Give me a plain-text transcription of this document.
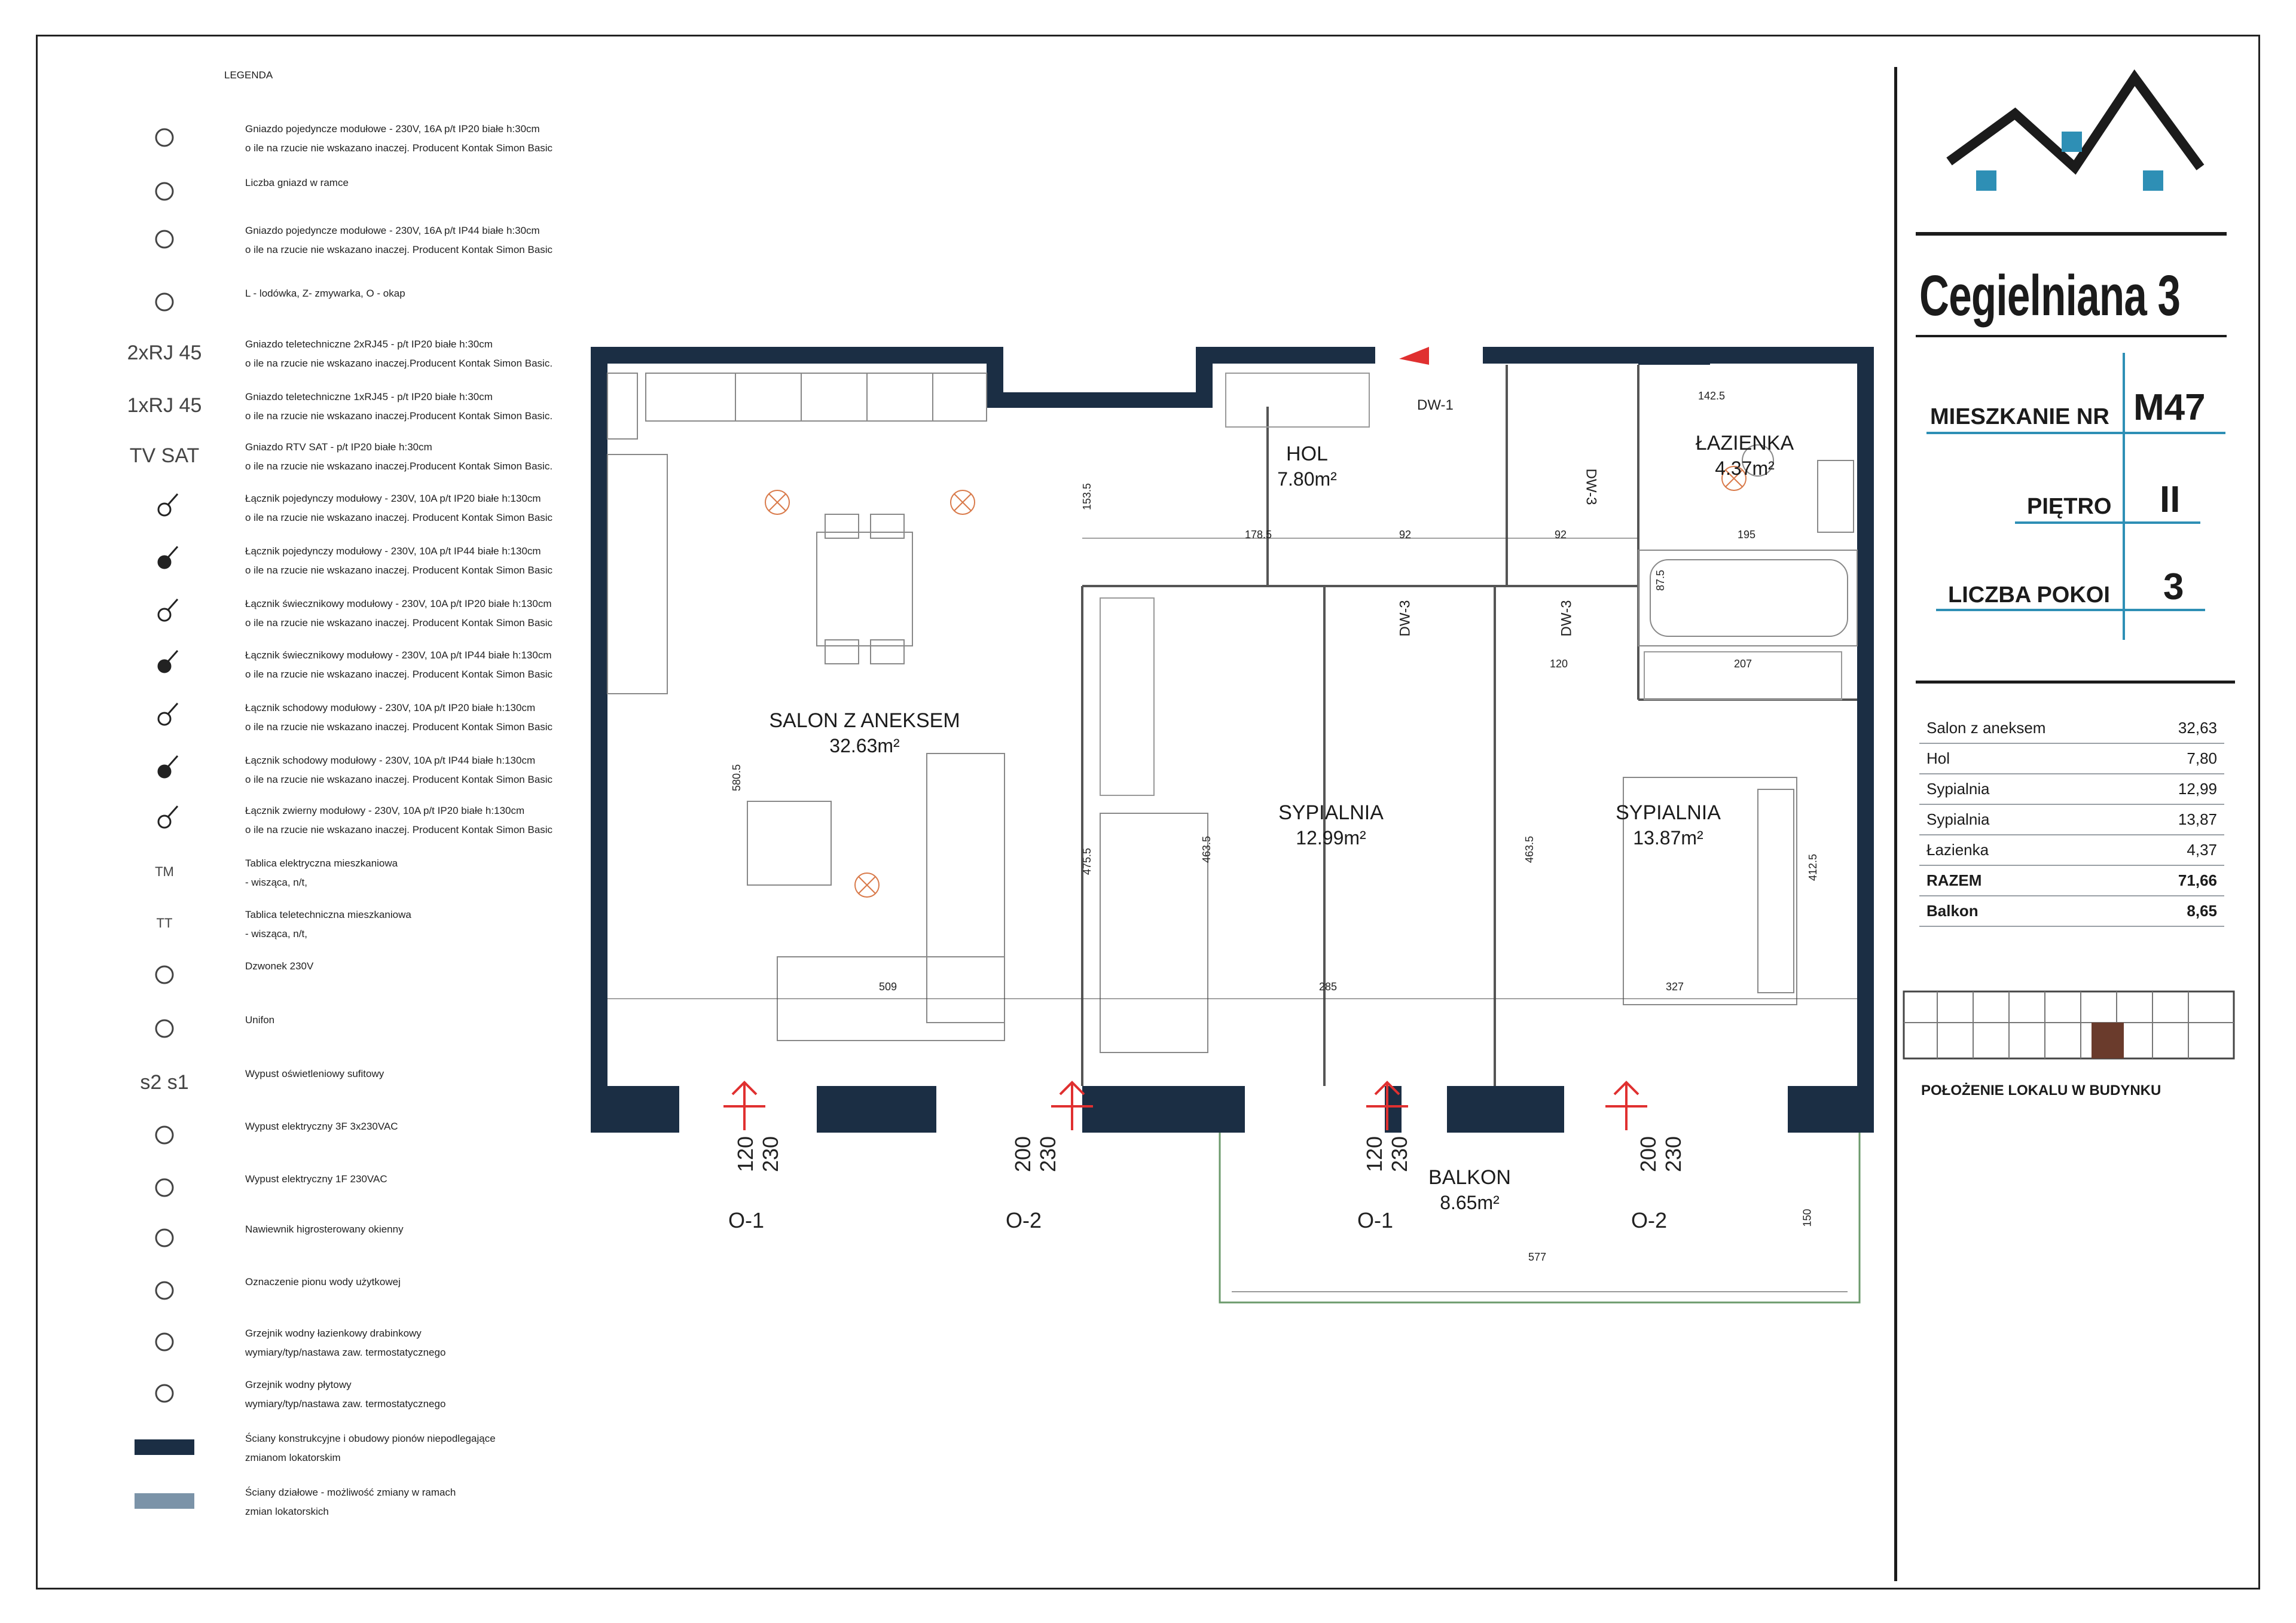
LEGENDA
Gniazdo pojedyncze modułowe - 230V, 16A p/t IP20 białe h:30cm
o ile na rzucie nie wskazano inaczej. Producent Kontak Simon Basic
Liczba gniazd w ramce
Gniazdo pojedyncze modułowe - 230V, 16A p/t IP44 białe h:30cm
o ile na rzucie nie wskazano inaczej. Producent Kontak Simon Basic
L - lodówka, Z- zmywarka, O - okap
2xRJ 45	Gniazdo teletechniczne 2xRJ45 - p/t IP20 białe h:30cm
o ile na rzucie nie wskazano inaczej.Producent Kontak Simon Basic.
1xRJ 45	Gniazdo teletechniczne 1xRJ45 - p/t IP20 białe h:30cm
o ile na rzucie nie wskazano inaczej.Producent Kontak Simon Basic.
TV SAT	Gniazdo RTV SAT - p/t IP20 białe h:30cm
o ile na rzucie nie wskazano inaczej.Producent Kontak Simon Basic.
Łącznik pojedynczy modułowy - 230V, 10A p/t IP20 białe h:130cm
o ile na rzucie nie wskazano inaczej. Producent Kontak Simon Basic
Łącznik pojedynczy modułowy - 230V, 10A p/t IP44 białe h:130cm
o ile na rzucie nie wskazano inaczej. Producent Kontak Simon Basic
Łącznik świecznikowy modułowy - 230V, 10A p/t IP20 białe h:130cm
o ile na rzucie nie wskazano inaczej. Producent Kontak Simon Basic
Łącznik świecznikowy modułowy - 230V, 10A p/t IP44 białe h:130cm
o ile na rzucie nie wskazano inaczej. Producent Kontak Simon Basic
Łącznik schodowy modułowy - 230V, 10A p/t IP20 białe h:130cm
o ile na rzucie nie wskazano inaczej. Producent Kontak Simon Basic
Łącznik schodowy modułowy - 230V, 10A p/t IP44 białe h:130cm
o ile na rzucie nie wskazano inaczej. Producent Kontak Simon Basic
Łącznik zwierny modułowy - 230V, 10A p/t IP20 białe h:130cm
o ile na rzucie nie wskazano inaczej. Producent Kontak Simon Basic
TM
Tablica elektryczna mieszkaniowa
- wisząca, n/t,
TT
Tablica teletechniczna mieszkaniowa
- wisząca, n/t,
Dzwonek 230V
Unifon
s2 s1	Wypust oświetleniowy sufitowy
Wypust elektryczny 3F 3x230VAC
Wypust elektryczny 1F 230VAC
Nawiewnik higrosterowany okienny
Oznaczenie pionu wody użytkowej
Grzejnik wodny łazienkowy drabinkowy
wymiary/typ/nastawa zaw. termostatycznego
Grzejnik wodny płytowy
wymiary/typ/nastawa zaw. termostatycznego
Ściany konstrukcyjne i obudowy pionów niepodlegające
zmianom lokatorskim
Ściany działowe - możliwość zmiany w ramach
zmian lokatorskich
SALON Z ANEKSEM
32.63m²
HOL
7.80m²
ŁAZIENKA
4.37m²
SYPIALNIA
12.99m²
SYPIALNIA
13.87m²
BALKON
8.65m²
178.5	92	92	195
120	207
509	285	327
580.5
475.5	463.5	463.5
412.5
153.5
577
150
142.5
87.5
DW-1
DW-3
DW-3	DW-3
120
230
O-1
200
230
O-2
120
230
O-1
200
230
O-2
Cegielniana 3
MIESZKANIE NR M47
PIĘTRO II
LICZBA POKOI 3
Salon z aneksem	32,63
Hol	7,80
Sypialnia	12,99
Sypialnia	13,87
Łazienka	4,37
RAZEM	71,66
Balkon	8,65
POŁOŻENIE LOKALU W BUDYNKU
